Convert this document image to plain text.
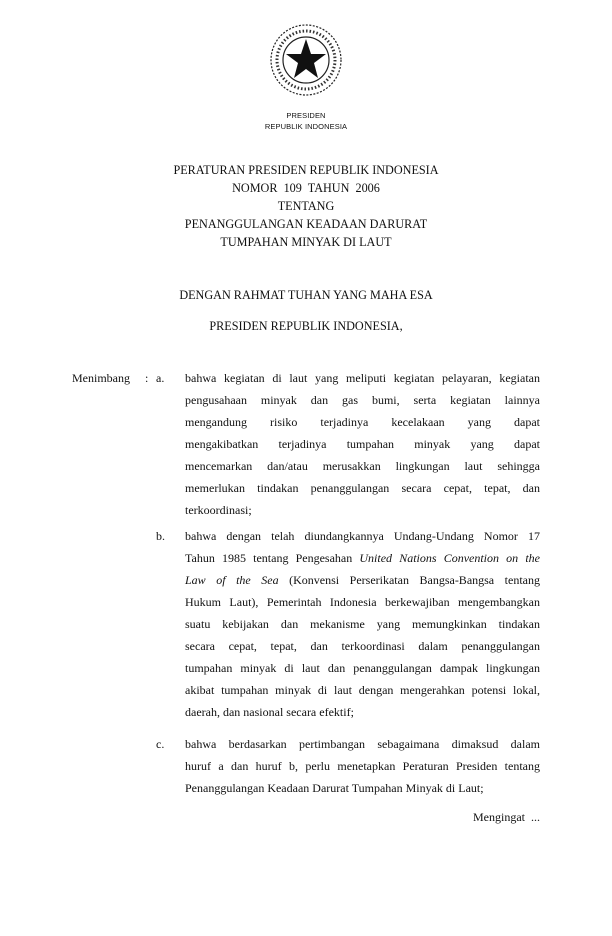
PRESIDEN
REPUBLIK INDONESIA
PERATURAN PRESIDEN REPUBLIK INDONESIA
NOMOR  109  TAHUN  2006
TENTANG
PENANGGULANGAN KEADAAN DARURAT
TUMPAHAN MINYAK DI LAUT
DENGAN RAHMAT TUHAN YANG MAHA ESA
PRESIDEN REPUBLIK INDONESIA,
Menimbang : a. bahwa kegiatan di laut yang meliputi kegiatan pelayaran, kegiatan
pengusahaan minyak dan gas bumi, serta kegiatan lainnya
mengandung risiko terjadinya kecelakaan yang dapat
mengakibatkan terjadinya tumpahan minyak yang dapat
mencemarkan dan/atau merusakkan lingkungan laut sehingga
memerlukan tindakan penanggulangan secara cepat, tepat, dan
terkoordinasi;
b. bahwa dengan telah diundangkannya Undang-Undang Nomor 17
Tahun 1985 tentang Pengesahan United Nations Convention on the
Law of the Sea (Konvensi Perserikatan Bangsa-Bangsa tentang
Hukum Laut), Pemerintah Indonesia berkewajiban mengembangkan
suatu kebijakan dan mekanisme yang memungkinkan tindakan
secara cepat, tepat, dan terkoordinasi dalam penanggulangan
tumpahan minyak di laut dan penanggulangan dampak lingkungan
akibat tumpahan minyak di laut dengan mengerahkan potensi lokal,
daerah, dan nasional secara efektif;
c. bahwa berdasarkan pertimbangan sebagaimana dimaksud dalam
huruf a dan huruf b, perlu menetapkan Peraturan Presiden tentang
Penanggulangan Keadaan Darurat Tumpahan Minyak di Laut;
Mengingat  ...
